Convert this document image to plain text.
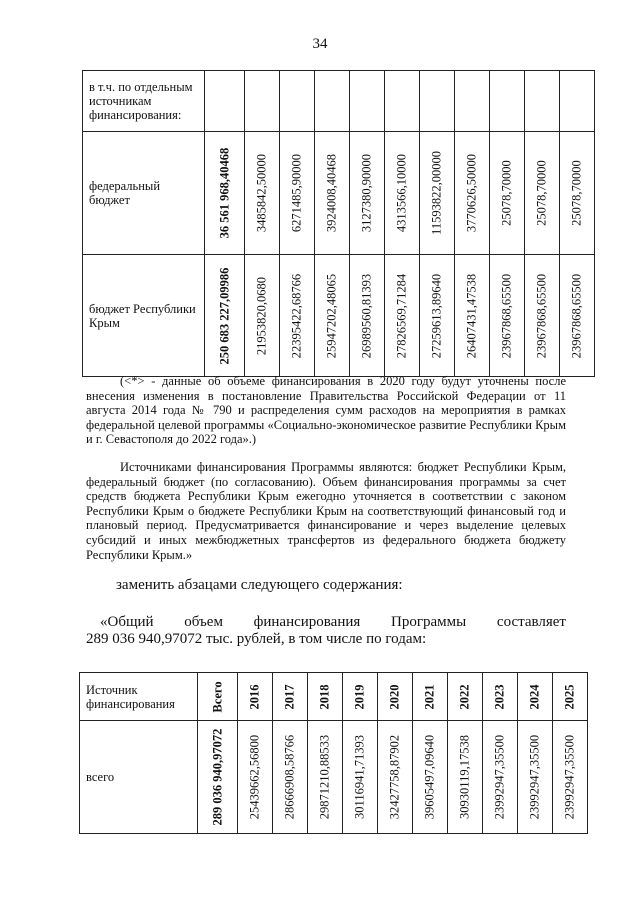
34
в т.ч. по отдельным источникам финансирования:											
федеральный бюджет	36 561 968,40468	3485842,50000	6271485,90000	3924008,40468	3127380,90000	4313566,10000	11593822,00000	3770626,50000	25078,70000	25078,70000	25078,70000

бюджет Республики Крым	250 683 227,09986	21953820,0680	22395422,68766	25947202,48065	26989560,81393	27826569,71284	27259613,89640	26407431,47538	23967868,65500	23967868,65500	23967868,65500

(<*> - данные об объеме финансирования в 2020 году будут уточнены после внесения изменения в постановление Правительства Российской Федерации от 11 августа 2014 года № 790 и распределения сумм расходов на мероприятия в рамках федеральной целевой программы «Социально-экономическое развитие Республики Крым и г. Севастополя до 2022 года».)

Источниками финансирования Программы являются: бюджет Республики Крым, федеральный бюджет (по согласованию). Объем финансирования программы за счет средств бюджета Республики Крым ежегодно уточняется в соответствии с законом Республики Крым о бюджете Республики Крым на соответствующий финансовый год и плановый период. Предусматривается финансирование и через выделение целевых субсидий и иных межбюджетных трансфертов из федерального бюджета бюджету Республики Крым.»

заменить абзацами следующего содержания:
«Общий объем финансирования Программы составляет
289 036 940,97072 тыс. рублей, в том числе по годам:
Источник финансирования	Всего	2016	2017	2018	2019	2020	2021	2022	2023	2024	2025

всего	289 036 940,97072	25439662,56800	28666908,58766	29871210,88533	30116941,71393	32427758,87902	39605497,09640	30930119,17538	23992947,35500	23992947,35500	23992947,35500
